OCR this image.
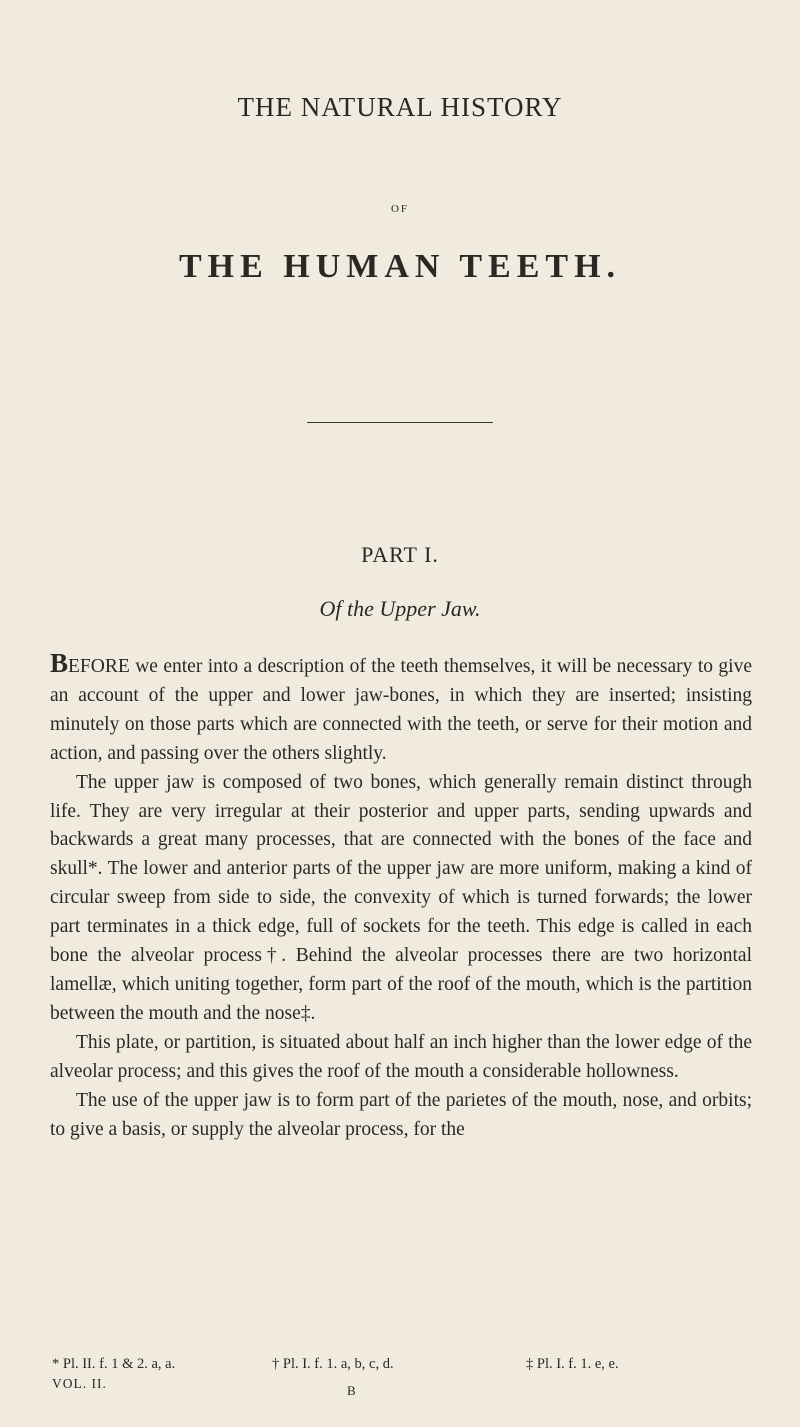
THE NATURAL HISTORY
OF
THE HUMAN TEETH.
PART I.
Of the Upper Jaw.

BEFORE we enter into a description of the teeth themselves, it will be necessary to give an account of the upper and lower jaw-bones, in which they are inserted; insisting minutely on those parts which are connected with the teeth, or serve for their motion and action, and passing over the others slightly.

The upper jaw is composed of two bones, which generally remain distinct through life. They are very irregular at their posterior and upper parts, sending upwards and backwards a great many processes, that are connected with the bones of the face and skull*. The lower and anterior parts of the upper jaw are more uniform, making a kind of circular sweep from side to side, the convexity of which is turned forwards; the lower part terminates in a thick edge, full of sockets for the teeth. This edge is called in each bone the alveolar process†. Behind the alveolar processes there are two horizontal lamellæ, which uniting together, form part of the roof of the mouth, which is the partition between the mouth and the nose‡.

This plate, or partition, is situated about half an inch higher than the lower edge of the alveolar process; and this gives the roof of the mouth a considerable hollowness.

The use of the upper jaw is to form part of the parietes of the mouth, nose, and orbits; to give a basis, or supply the alveolar process, for the

* Pl. II. f. 1 & 2. a, a.	† Pl. I. f. 1. a, b, c, d.	‡ Pl. I. f. 1. e, e.
VOL. II.	B
